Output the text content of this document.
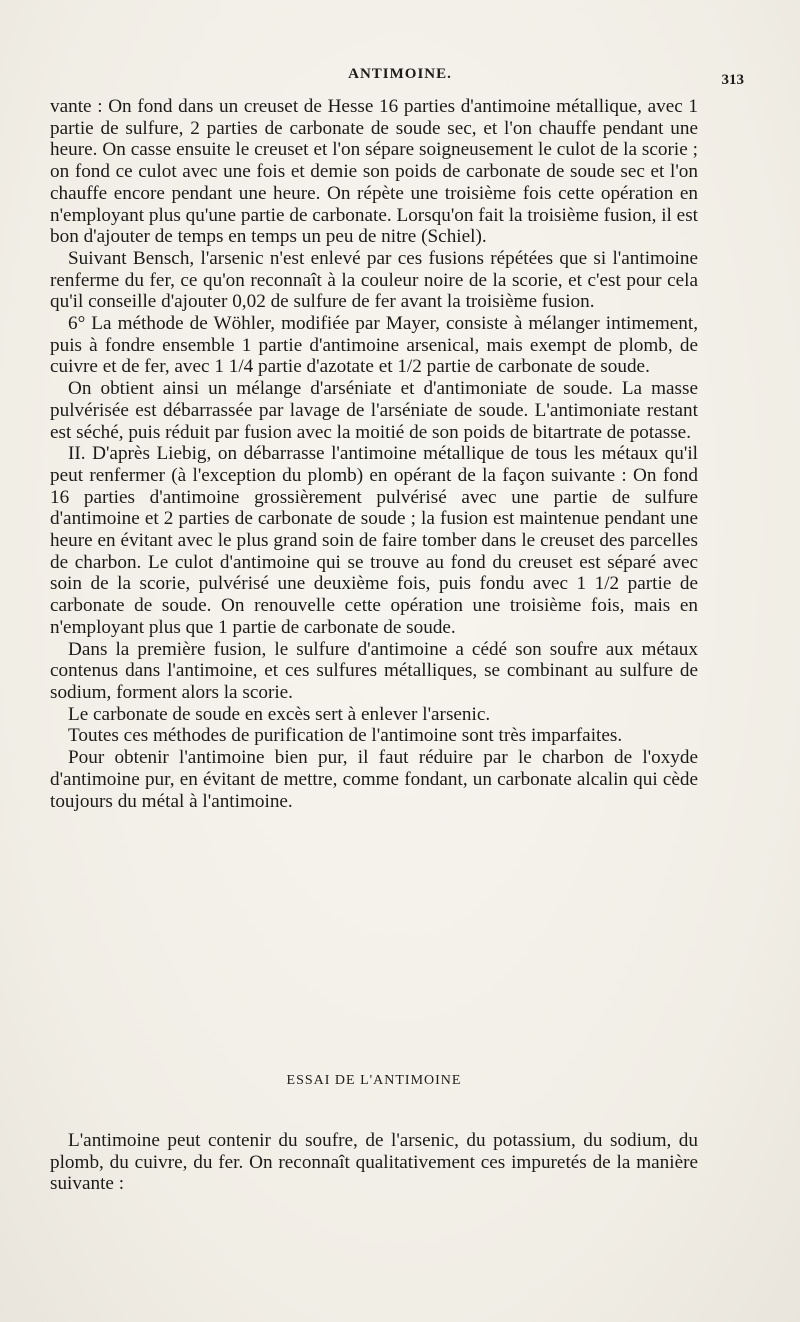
ANTIMOINE.	313

vante : On fond dans un creuset de Hesse 16 parties d'antimoine métallique, avec 1 partie de sulfure, 2 parties de carbonate de soude sec, et l'on chauffe pendant une heure. On casse ensuite le creuset et l'on sépare soigneusement le culot de la scorie ; on fond ce culot avec une fois et demie son poids de carbonate de soude sec et l'on chauffe encore pendant une heure. On répète une troisième fois cette opération en n'employant plus qu'une partie de carbonate. Lorsqu'on fait la troisième fusion, il est bon d'ajouter de temps en temps un peu de nitre (Schiel).

Suivant Bensch, l'arsenic n'est enlevé par ces fusions répétées que si l'antimoine renferme du fer, ce qu'on reconnaît à la couleur noire de la scorie, et c'est pour cela qu'il conseille d'ajouter 0,02 de sulfure de fer avant la troisième fusion.

6° La méthode de Wöhler, modifiée par Mayer, consiste à mélanger intimement, puis à fondre ensemble 1 partie d'antimoine arsenical, mais exempt de plomb, de cuivre et de fer, avec 1 1/4 partie d'azotate et 1/2 partie de carbonate de soude.

On obtient ainsi un mélange d'arséniate et d'antimoniate de soude. La masse pulvérisée est débarrassée par lavage de l'arséniate de soude. L'antimoniate restant est séché, puis réduit par fusion avec la moitié de son poids de bitartrate de potasse.

II. D'après Liebig, on débarrasse l'antimoine métallique de tous les métaux qu'il peut renfermer (à l'exception du plomb) en opérant de la façon suivante : On fond 16 parties d'antimoine grossièrement pulvérisé avec une partie de sulfure d'antimoine et 2 parties de carbonate de soude ; la fusion est maintenue pendant une heure en évitant avec le plus grand soin de faire tomber dans le creuset des parcelles de charbon. Le culot d'antimoine qui se trouve au fond du creuset est séparé avec soin de la scorie, pulvérisé une deuxième fois, puis fondu avec 1 1/2 partie de carbonate de soude. On renouvelle cette opération une troisième fois, mais en n'employant plus que 1 partie de carbonate de soude.

Dans la première fusion, le sulfure d'antimoine a cédé son soufre aux métaux contenus dans l'antimoine, et ces sulfures métalliques, se combinant au sulfure de sodium, forment alors la scorie.

Le carbonate de soude en excès sert à enlever l'arsenic.

Toutes ces méthodes de purification de l'antimoine sont très imparfaites.

Pour obtenir l'antimoine bien pur, il faut réduire par le charbon de l'oxyde d'antimoine pur, en évitant de mettre, comme fondant, un carbonate alcalin qui cède toujours du métal à l'antimoine.

ESSAI DE L'ANTIMOINE

L'antimoine peut contenir du soufre, de l'arsenic, du potassium, du sodium, du plomb, du cuivre, du fer. On reconnaît qualitativement ces impuretés de la manière suivante :
